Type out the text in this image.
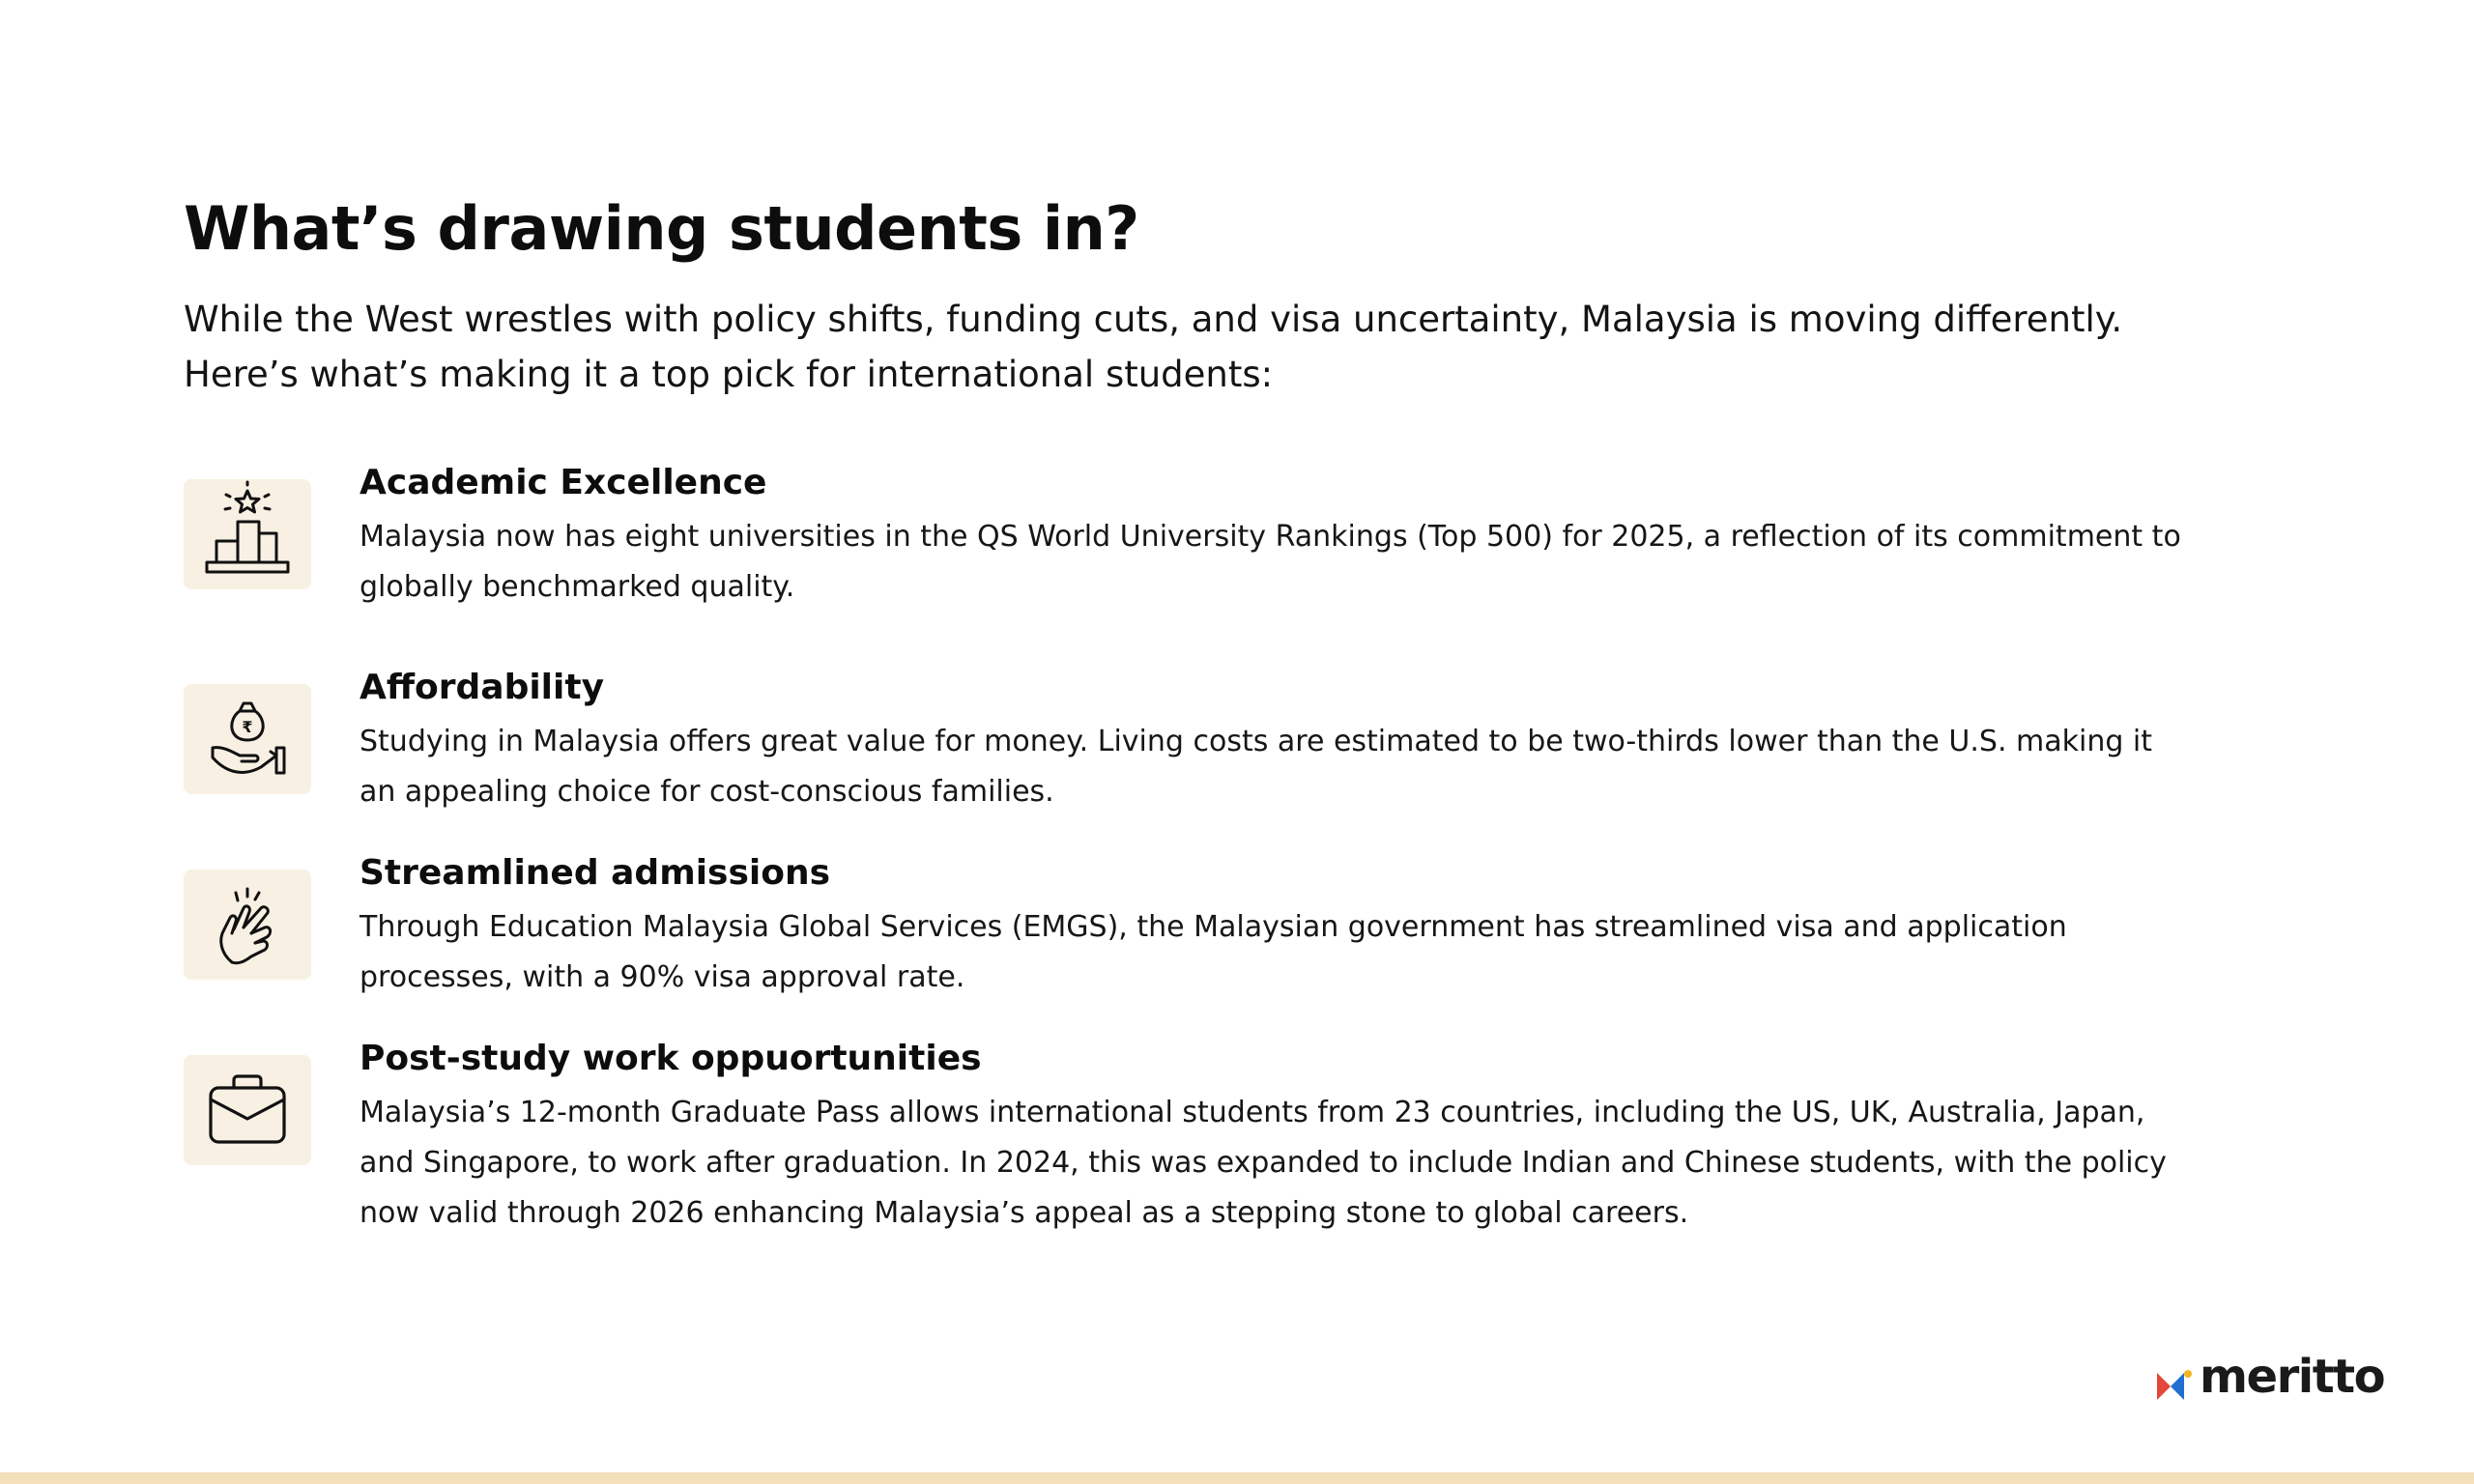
What’s drawing students in?

While the West wrestles with policy shifts, funding cuts, and visa uncertainty, Malaysia is moving differently.
Here’s what’s making it a top pick for international students:

Academic Excellence

Malaysia now has eight universities in the QS World University Rankings (Top 500) for 2025, a reflection of its commitment to
globally benchmarked quality.

₹
Affordability

Studying in Malaysia offers great value for money. Living costs are estimated to be two-thirds lower than the U.S. making it
an appealing choice for cost-conscious families.

Streamlined admissions

Through Education Malaysia Global Services (EMGS), the Malaysian government has streamlined visa and application
processes, with a 90% visa approval rate.

Post-study work oppuortunities

Malaysia’s 12-month Graduate Pass allows international students from 23 countries, including the US, UK, Australia, Japan,
and Singapore, to work after graduation. In 2024, this was expanded to include Indian and Chinese students, with the policy
now valid through 2026 enhancing Malaysia’s appeal as a stepping stone to global careers.

meritto
